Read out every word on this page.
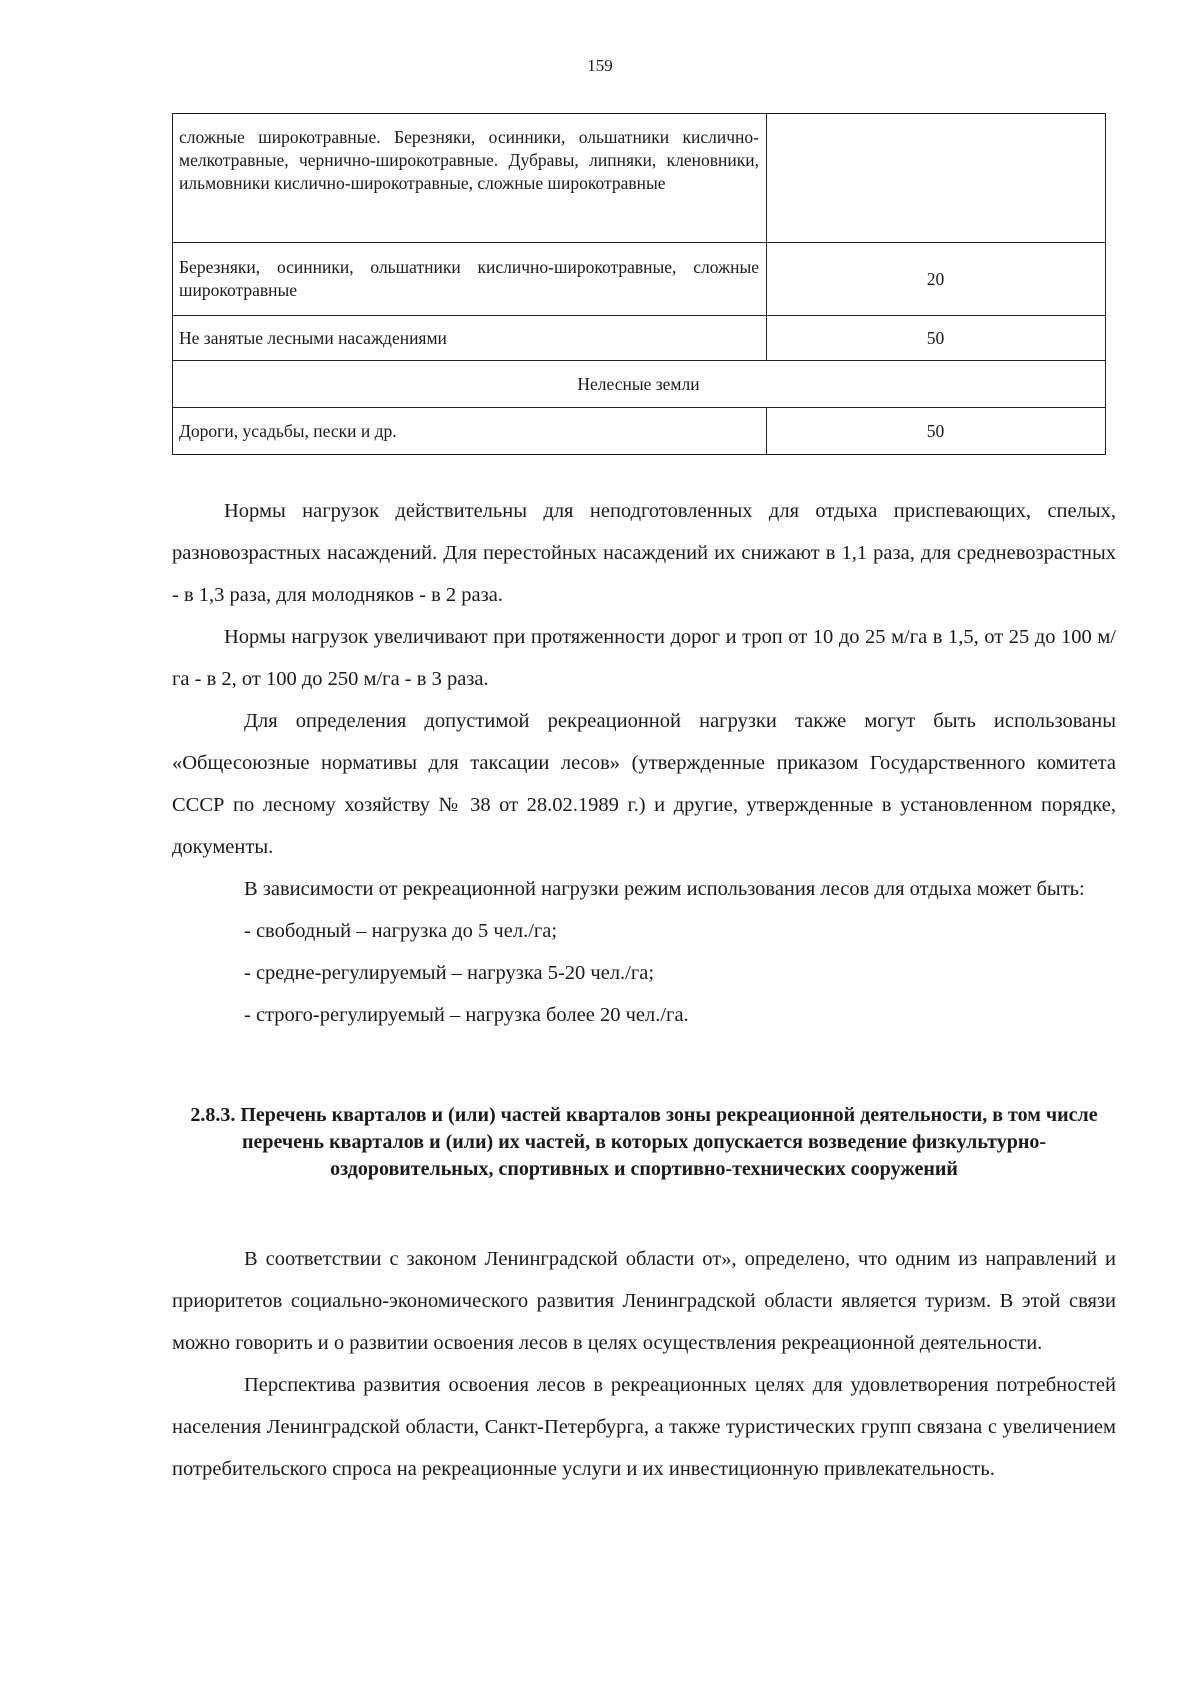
159
сложные широкотравные. Березняки, осинники, ольшатники кислично-мелкотравные, чернично-широкотравные. Дубравы, липняки, кленовники, ильмовники кислично-широкотравные, сложные широкотравные	
Березняки, осинники, ольшатники кислично-широкотравные, сложные широкотравные	20
Не занятые лесными насаждениями	50
Нелесные земли	
Дороги, усадьбы, пески и др.	50

Нормы нагрузок действительны для неподготовленных для отдыха приспевающих, спелых, разновозрастных насаждений. Для перестойных насаждений их снижают в 1,1 раза, для средневозрастных - в 1,3 раза, для молодняков - в 2 раза.

Нормы нагрузок увеличивают при протяженности дорог и троп от 10 до 25 м/га в 1,5, от 25 до 100 м/га - в 2, от 100 до 250 м/га - в 3 раза.

Для определения допустимой рекреационной нагрузки также могут быть использованы «Общесоюзные нормативы для таксации лесов» (утвержденные приказом Государственного комитета СССР по лесному хозяйству № 38 от 28.02.1989 г.) и другие, утвержденные в установленном порядке, документы.

В зависимости от рекреационной нагрузки режим использования лесов для отдыха может быть:

- свободный – нагрузка до 5 чел./га;

- средне-регулируемый – нагрузка 5-20 чел./га;

- строго-регулируемый – нагрузка более 20 чел./га.

2.8.3. Перечень кварталов и (или) частей кварталов зоны рекреационной деятельности, в том числе перечень кварталов и (или) их частей, в которых допускается возведение физкультурно-оздоровительных, спортивных и спортивно-технических сооружений

В соответствии с законом Ленинградской области от», определено, что одним из направлений и приоритетов социально-экономического развития Ленинградской области является туризм. В этой связи можно говорить и о развитии освоения лесов в целях осуществления рекреационной деятельности.

Перспектива развития освоения лесов в рекреационных целях для удовлетворения потребностей населения Ленинградской области, Санкт-Петербурга, а также туристических групп связана с увеличением потребительского спроса на рекреационные услуги и их инвестиционную привлекательность.
